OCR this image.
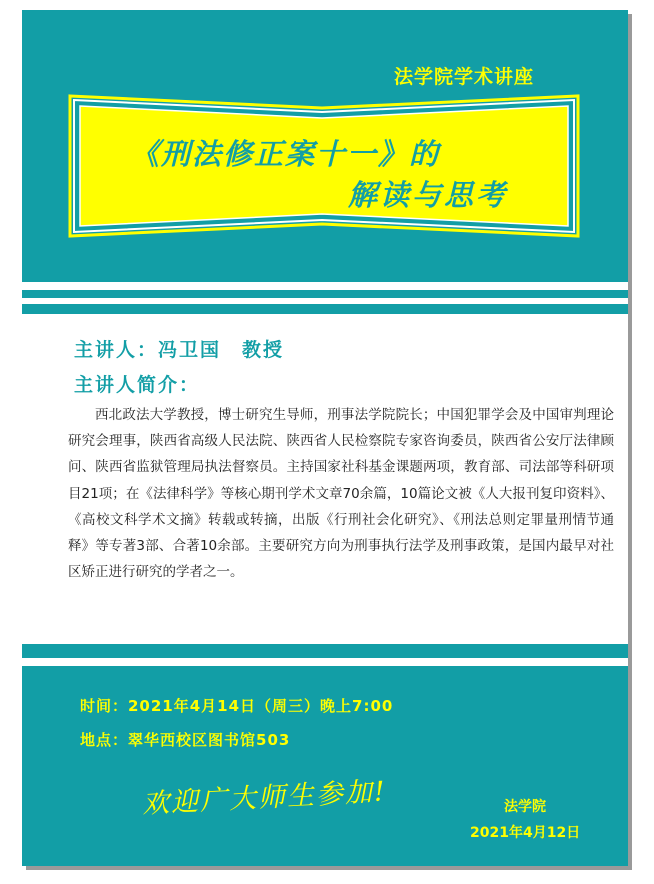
法学院学术讲座
《刑法修正案十一》的
解读与思考
主讲人：冯卫国　教授
主讲人简介：
西北政法大学教授，博士研究生导师，刑事法学院院长；中国犯罪学会及中国审判理论研究会理事，陕西省高级人民法院、陕西省人民检察院专家咨询委员，陕西省公安厅法律顾问、陕西省监狱管理局执法督察员。主持国家社科基金课题两项，教育部、司法部等科研项目21项；在《法律科学》等核心期刊学术文章70余篇，10篇论文被《人大报刊复印资料》、《高校文科学术文摘》转载或转摘，出版《行刑社会化研究》、《刑法总则定罪量刑情节通释》等专著3部、合著10余部。主要研究方向为刑事执行法学及刑事政策，是国内最早对社区矫正进行研究的学者之一。
时间：2021年4月14日（周三）晚上7:00
地点：翠华西校区图书馆503
欢迎广大师生参加!	法学院
2021年4月12日
